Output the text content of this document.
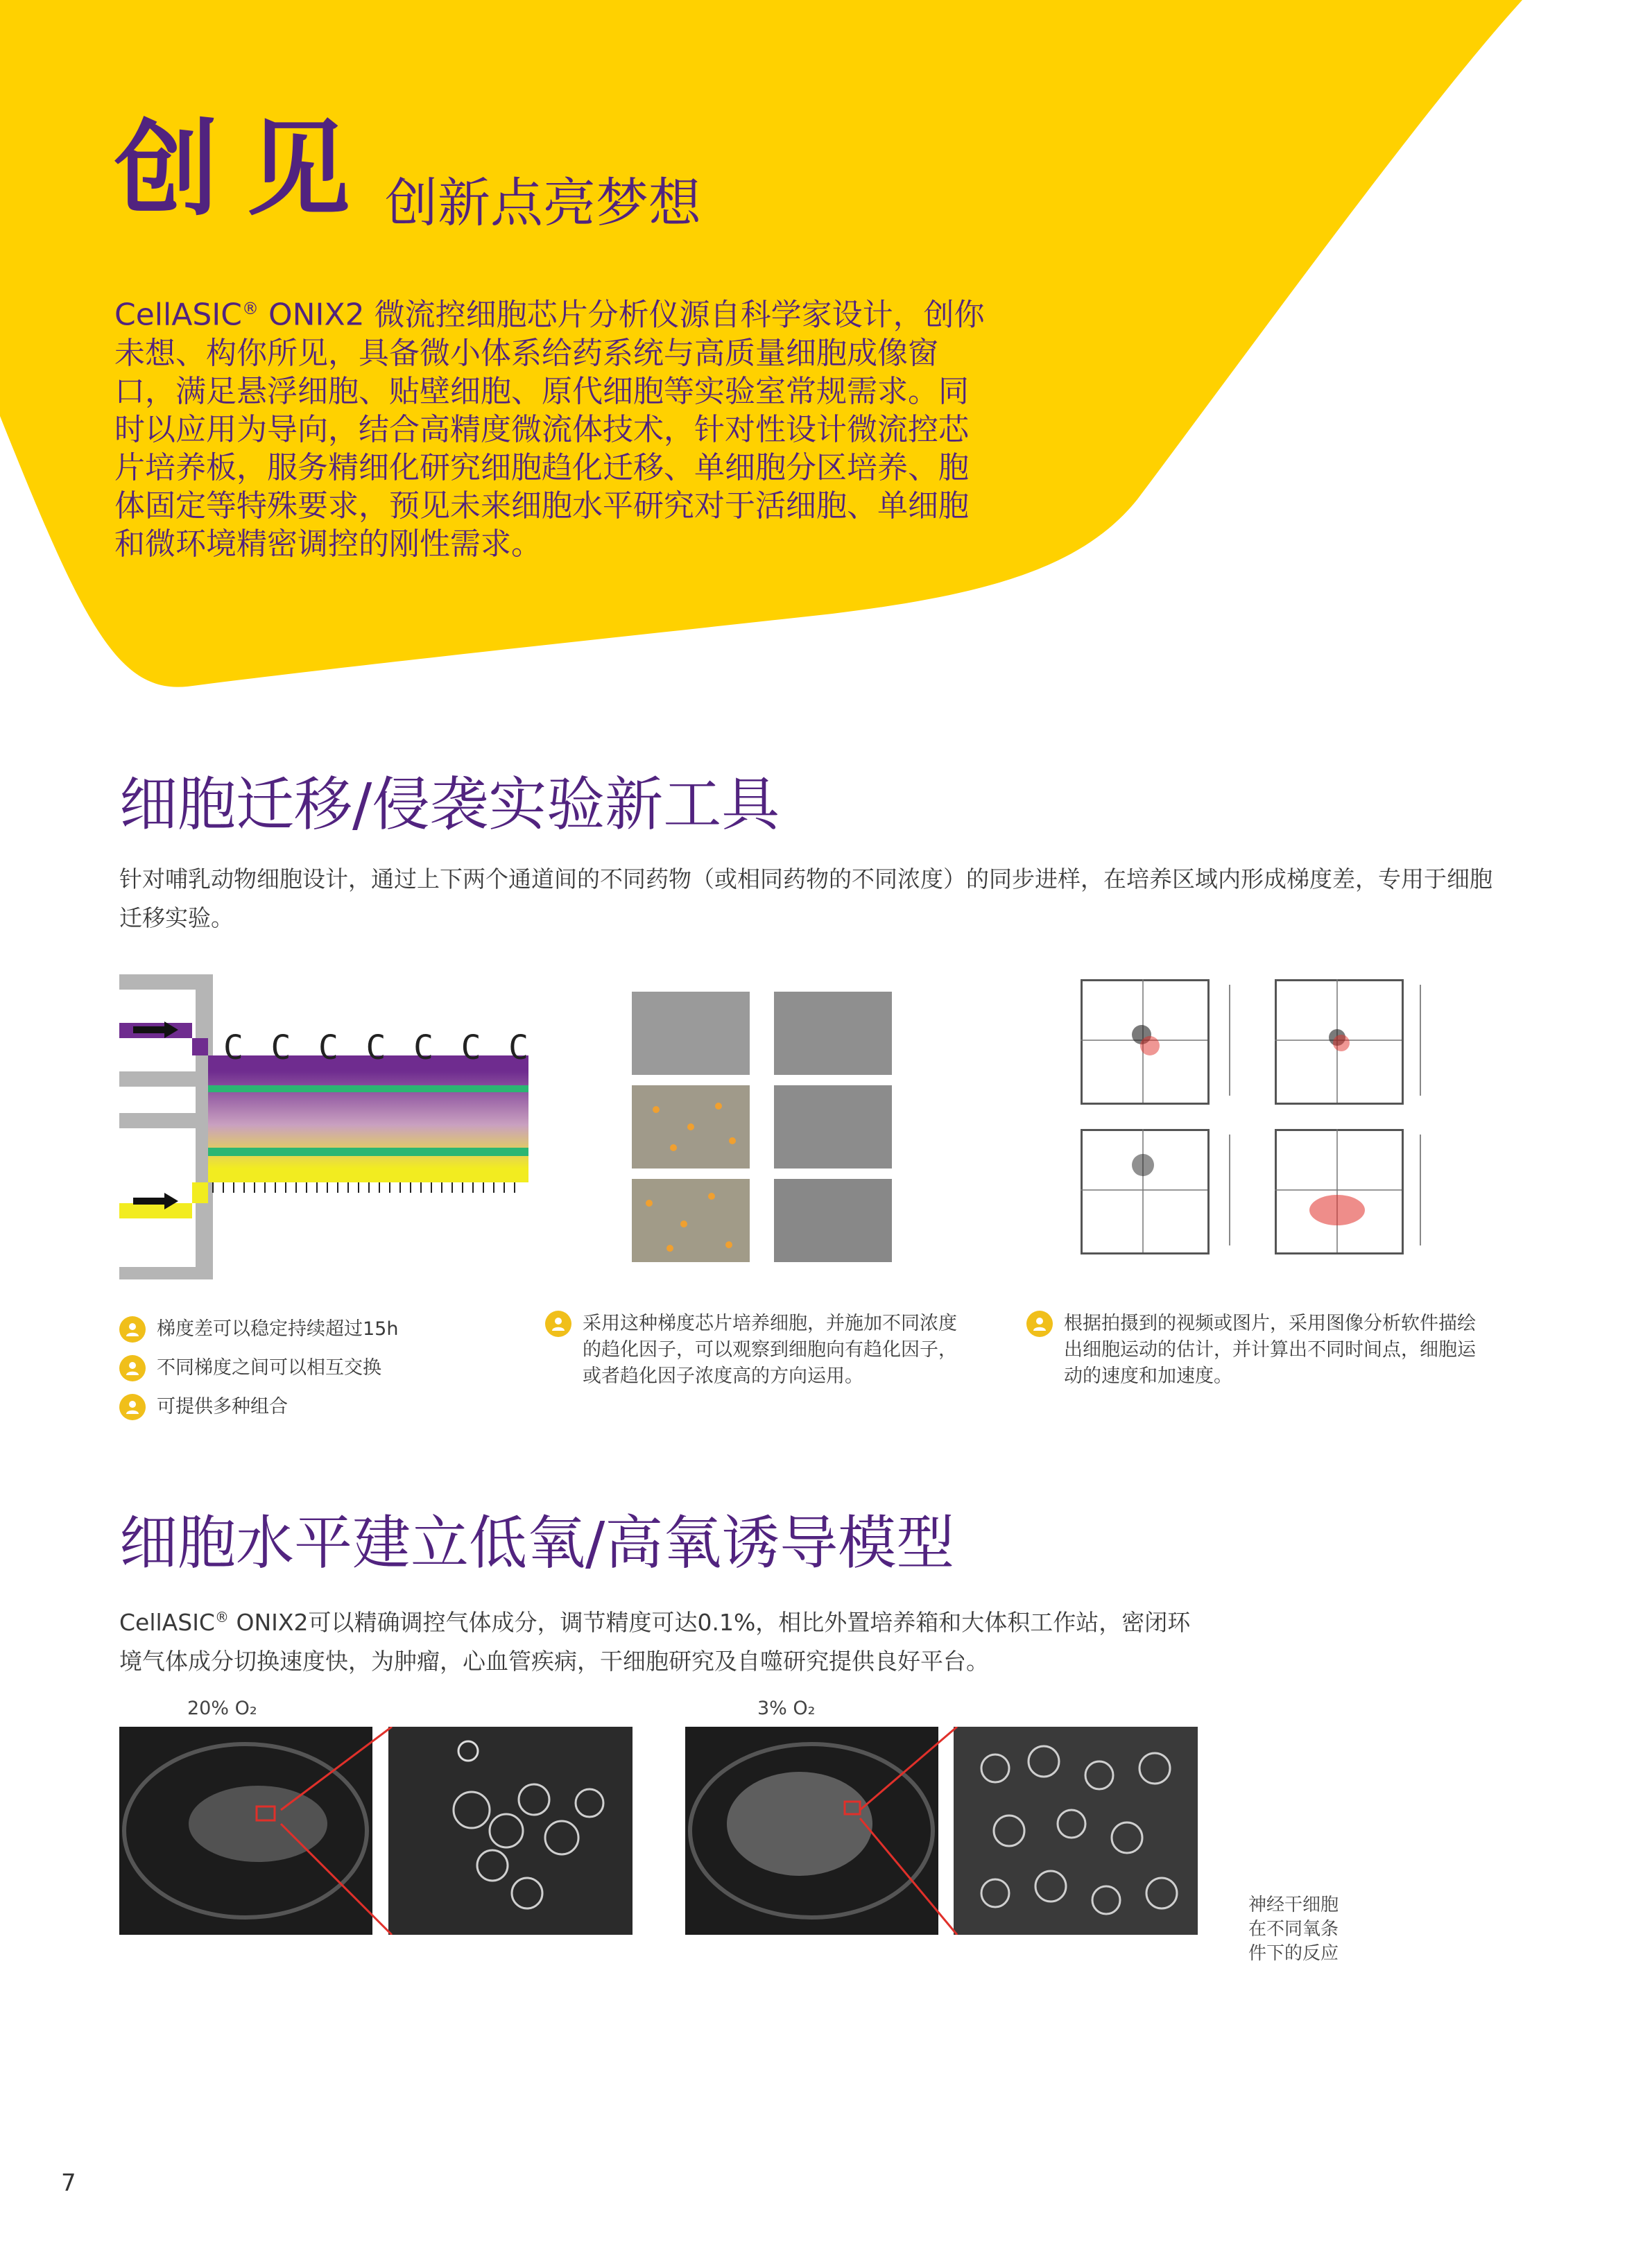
创见 创新点亮梦想
CellASIC® ONIX2 微流控细胞芯片分析仪源自科学家设计，创你未想、构你所见，具备微小体系给药系统与高质量细胞成像窗口，满足悬浮细胞、贴壁细胞、原代细胞等实验室常规需求。同时以应用为导向，结合高精度微流体技术，针对性设计微流控芯片培养板，服务精细化研究细胞趋化迁移、单细胞分区培养、胞体固定等特殊要求，预见未来细胞水平研究对于活细胞、单细胞和微环境精密调控的刚性需求。
细胞迁移/侵袭实验新工具
针对哺乳动物细胞设计，通过上下两个通道间的不同药物（或相同药物的不同浓度）的同步进样，在培养区域内形成梯度差，专用于细胞迁移实验。
C C C C C C C
梯度差可以稳定持续超过15h
不同梯度之间可以相互交换
可提供多种组合
采用这种梯度芯片培养细胞，并施加不同浓度的趋化因子，可以观察到细胞向有趋化因子，或者趋化因子浓度高的方向运用。
根据拍摄到的视频或图片，采用图像分析软件描绘出细胞运动的估计，并计算出不同时间点，细胞运动的速度和加速度。
细胞水平建立低氧/高氧诱导模型
CellASIC® ONIX2可以精确调控气体成分，调节精度可达0.1%，相比外置培养箱和大体积工作站，密闭环境气体成分切换速度快，为肿瘤，心血管疾病，干细胞研究及自噬研究提供良好平台。
20% O₂	3% O₂
神经干细胞在不同氧条件下的反应
7
